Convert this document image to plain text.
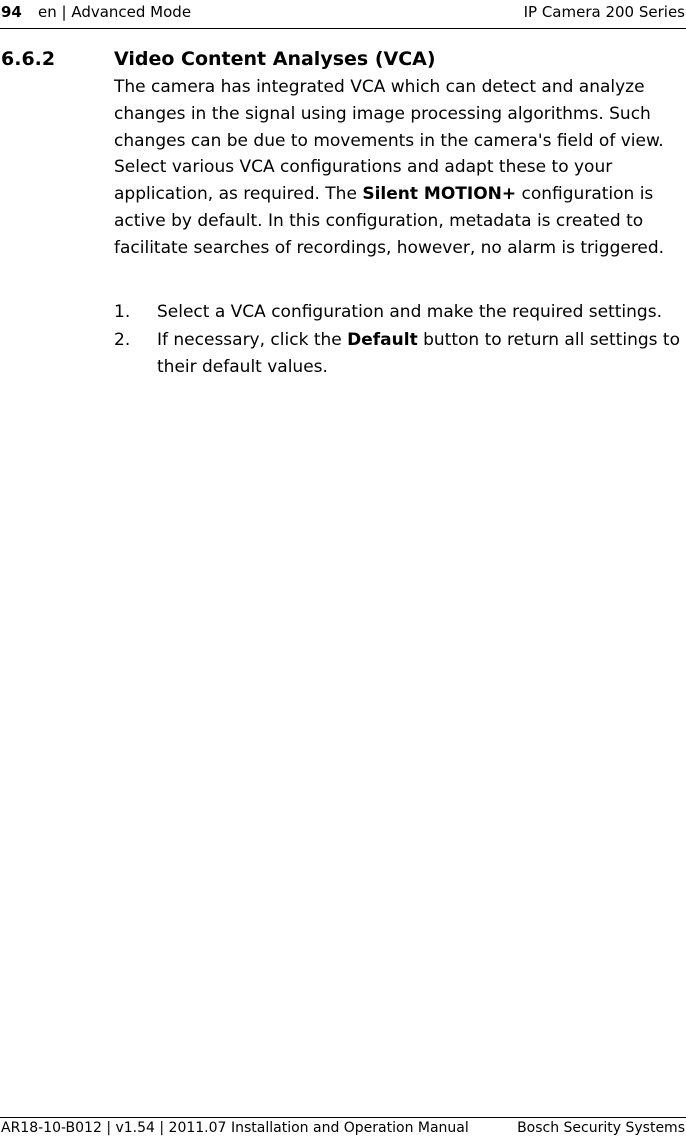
94 en | Advanced Mode	IP Camera 200 Series
6.6.2	Video Content Analyses (VCA)

The camera has integrated VCA which can detect and analyze changes in the signal using image processing algorithms. Such changes can be due to movements in the camera's field of view. Select various VCA configurations and adapt these to your application, as required. The Silent MOTION+ configuration is active by default. In this configuration, metadata is created to facilitate searches of recordings, however, no alarm is triggered.

1. Select a VCA configuration and make the required settings.
2. If necessary, click the Default button to return all settings to their default values.
AR18-10-B012 | v1.54 | 2011.07 Installation and Operation Manual	Bosch Security Systems
